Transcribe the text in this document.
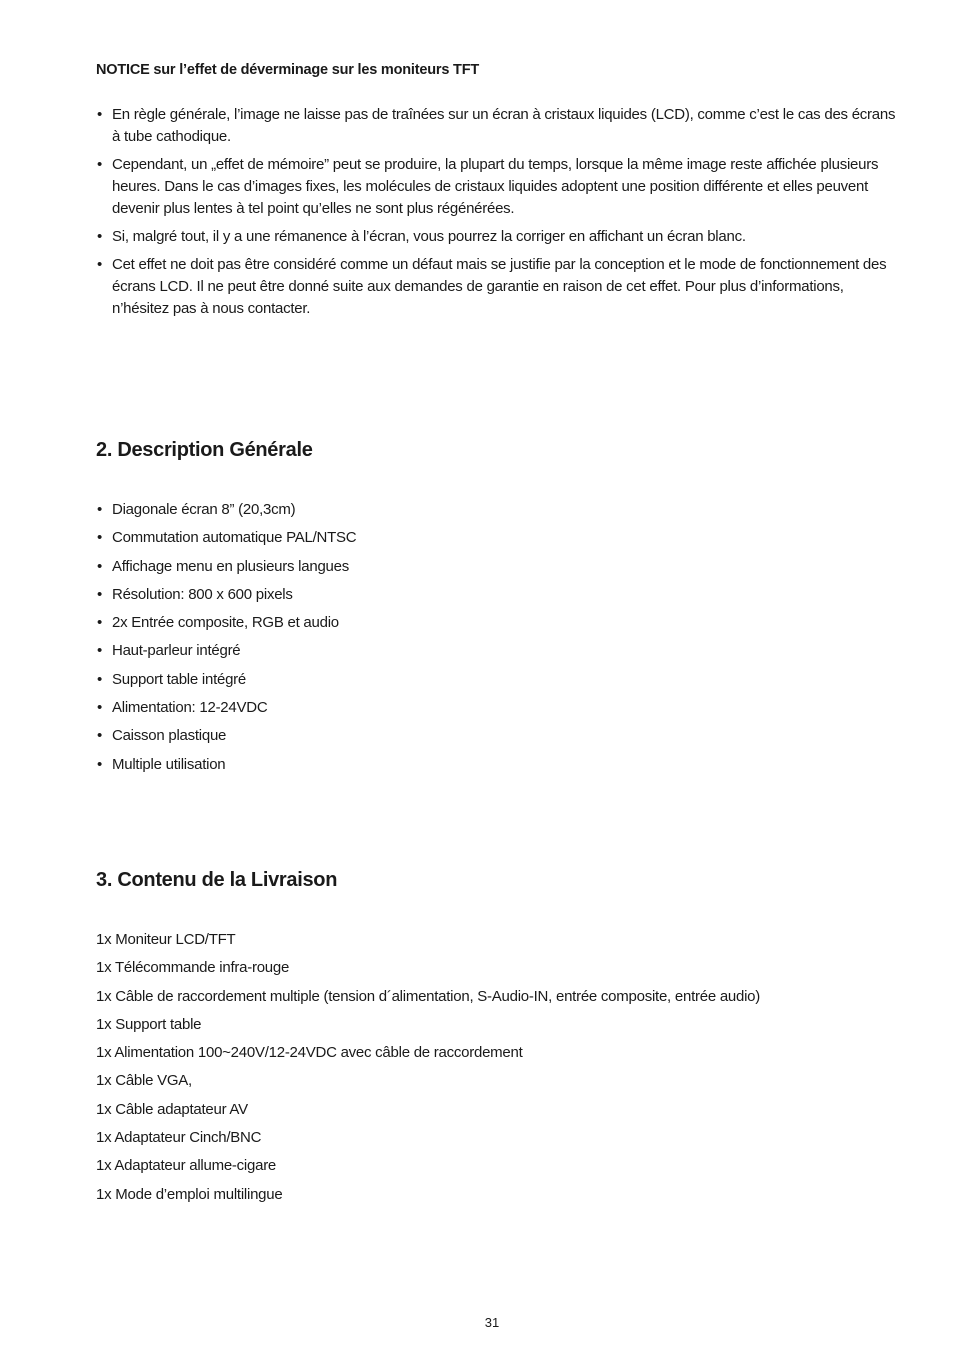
NOTICE sur l’effet de déverminage sur les moniteurs TFT
• En règle générale, l’image ne laisse pas de traînées sur un écran à cristaux liquides (LCD), comme c’est le cas des écrans à tube cathodique.
• Cependant, un „effet de mémoire” peut se produire, la plupart du temps, lorsque la même image reste affichée plusieurs heures. Dans le cas d’images fixes, les molécules de cristaux liquides adoptent une position différente et elles peuvent devenir plus lentes à tel point qu’elles ne sont plus régénérées.
• Si, malgré tout, il y a une rémanence à l’écran, vous pourrez la corriger en affichant un écran blanc.
• Cet effet ne doit pas être considéré comme un défaut mais se justifie par la conception et le mode de fonctionnement des écrans LCD. Il ne peut être donné suite aux demandes de garantie en raison de cet effet. Pour plus d’informations, n’hésitez pas à nous contacter.
2. Description Générale
• Diagonale écran 8” (20,3cm)
• Commutation automatique PAL/NTSC
• Affichage menu en plusieurs langues
• Résolution: 800 x 600 pixels
• 2x Entrée composite, RGB et audio
• Haut-parleur intégré
• Support table intégré
• Alimentation: 12-24VDC
• Caisson plastique
• Multiple utilisation
3. Contenu de la Livraison
1x Moniteur LCD/TFT
1x Télécommande infra-rouge
1x Câble de raccordement multiple (tension d´alimentation, S-Audio-IN, entrée composite, entrée audio)
1x Support table
1x Alimentation 100~240V/12-24VDC avec câble de raccordement
1x Câble VGA,
1x Câble adaptateur AV
1x Adaptateur Cinch/BNC
1x Adaptateur allume-cigare
1x Mode d’emploi multilingue
31
